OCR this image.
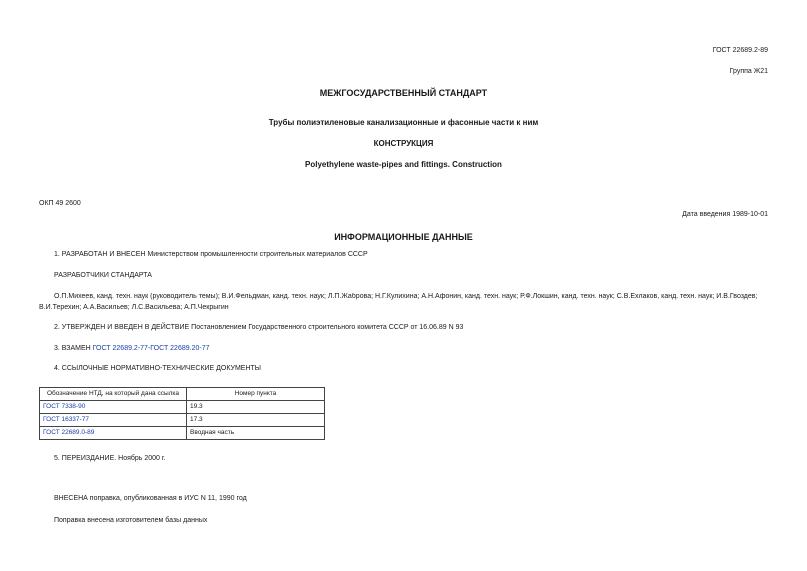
ГОСТ 22689.2-89
Группа Ж21
МЕЖГОСУДАРСТВЕННЫЙ СТАНДАРТ
Трубы полиэтиленовые канализационные и фасонные части к ним
КОНСТРУКЦИЯ
Polyethylene waste-pipes and fittings. Construction
ОКП 49 2600
Дата введения 1989-10-01
ИНФОРМАЦИОННЫЕ ДАННЫЕ
1. РАЗРАБОТАН И ВНЕСЕН Министерством промышленности строительных материалов СССР
РАЗРАБОТЧИКИ СТАНДАРТА
О.П.Михеев, канд. техн. наук (руководитель темы); В.И.Фельдман, канд. техн. наук; Л.П.Жаброва; Н.Г.Кулихина; А.Н.Афонин, канд. техн. наук; Р.Ф.Локшин, канд. техн. наук; С.В.Ехлаков, канд. техн. наук; И.В.Гвоздев;
В.И.Терехин; А.А.Васильев; Л.С.Васильева; А.П.Чекрыгин
2. УТВЕРЖДЕН И ВВЕДЕН В ДЕЙСТВИЕ Постановлением Государственного строительного комитета СССР от 16.06.89 N 93
3. ВЗАМЕН ГОСТ 22689.2-77-ГОСТ 22689.20-77
4. ССЫЛОЧНЫЕ НОРМАТИВНО-ТЕХНИЧЕСКИЕ ДОКУМЕНТЫ
Обозначение НТД, на который дана ссылка	Номер пункта
ГОСТ 7338-90	19.3
ГОСТ 16337-77	17.3
ГОСТ 22689.0-89	Вводная часть
5. ПЕРЕИЗДАНИЕ. Ноябрь 2000 г.
ВНЕСЕНА поправка, опубликованная в ИУС N 11, 1990 год
Поправка внесена изготовителем базы данных
